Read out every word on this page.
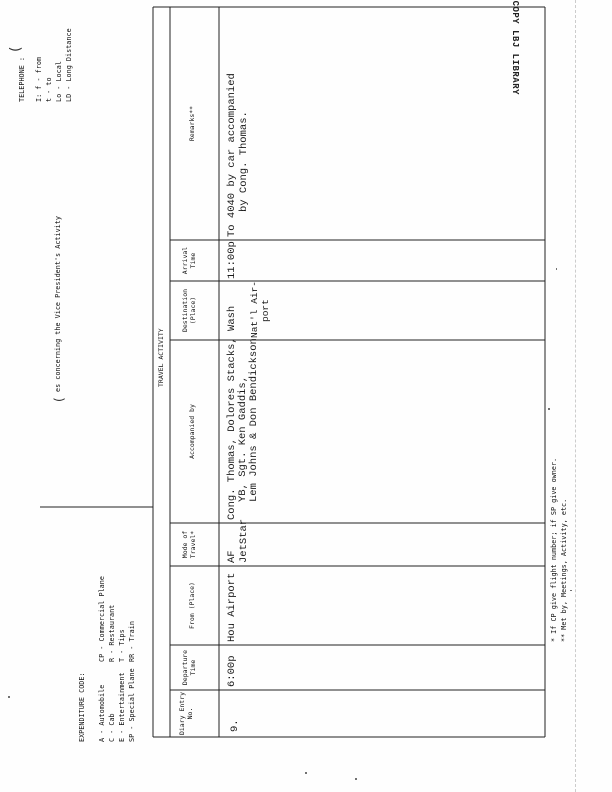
COPY LBJ LIBRARY
TELEPHONE : I: f - from t - to Lo - Local LD - Long Distance
EXPENDITURE CODE: A - Automobile C - Cab E - Entertainment SP - Special Plane
CP - Commercial Plane R - Restaurant T - Tips RR - Train
es concerning the Vice President's Activity
(
(
TRAVEL ACTIVITY
Diary Entry No.
Departure Time
From (Place)
Mode of Travel*
Accompanied by
Destination (Place)
Arrival Time
Remarks**
9.
6:00p
Hou Airport
AF JetStar
Cong. Thomas, Dolores Stacks, Wash YB, Sgt. Ken Gaddis, Lem Johns & Don Bendickson
Nat'l Air- port
11:00p
To 4040 by car accompanied by Cong. Thomas.
* If CP give flight number; if SP give owner. ** Met by, Meetings, Activity, etc.
